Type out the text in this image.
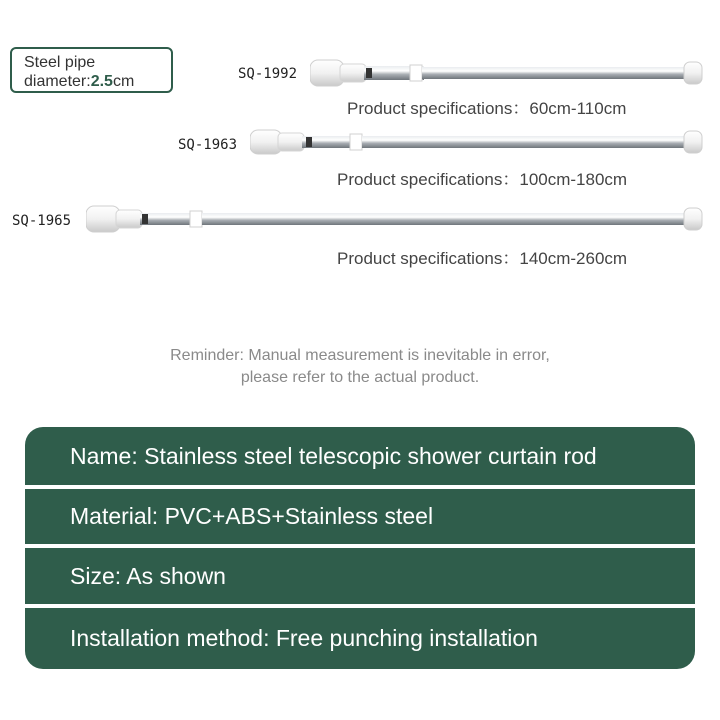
Steel pipe
diameter:2.5cm	SQ-1992
Product specifications：60cm-110cm
SQ-1963
Product specifications：100cm-180cm
SQ-1965
Product specifications：140cm-260cm
Reminder: Manual measurement is inevitable in error,
please refer to the actual product.
Name: Stainless steel telescopic shower curtain rod
Material: PVC+ABS+Stainless steel
Size: As shown
Installation method: Free punching installation
